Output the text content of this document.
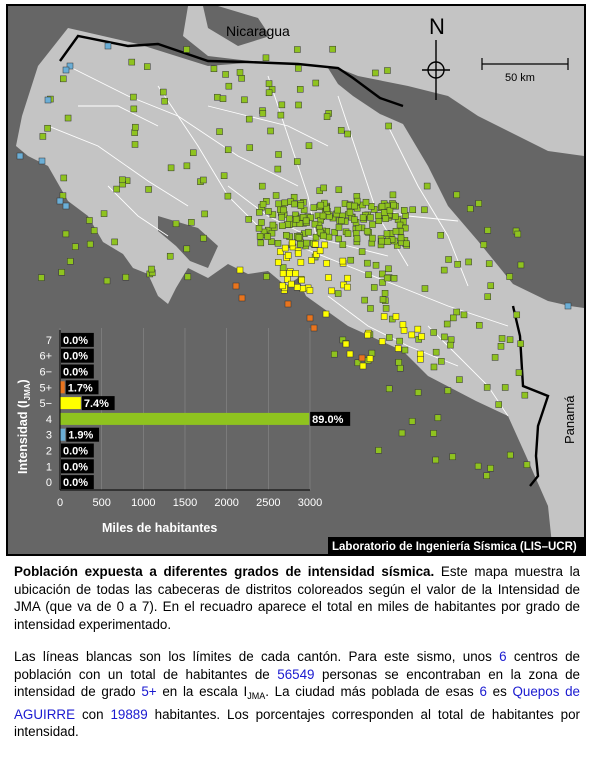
Nicaragua
Panamá
N
50 km
0.0%
0.0%
0.0%
1.7%
7.4%
89.0%
1.9%
0.0%
0.0%
0.0%
7
6+
6−
5+
5−
4
3
2
1
0
0	500 1000 1500 2000 2500 3000
Miles de habitantes
Intensidad $(I_{JMA})$
Laboratorio de Ingeniería Sísmica (LIS–UCR)
Población expuesta a diferentes grados de intensidad sísmica. Este mapa muestra la ubicación de todas las cabeceras de distritos coloreados según el valor de la Intensidad de JMA (que va de 0 a 7). En el recuadro aparece el total en miles de habitantes por grado de intensidad experimentado.
Las líneas blancas son los límites de cada cantón. Para este sismo, unos 6 centros de población con un total de habitantes de 56549 personas se encontraban en la zona de intensidad de grado 5+ en la escala $I_{JMA}$. La ciudad más poblada de esas 6 es Quepos de AGUIRRE con 19889 habitantes. Los porcentajes corresponden al total de habitantes por intensidad.
